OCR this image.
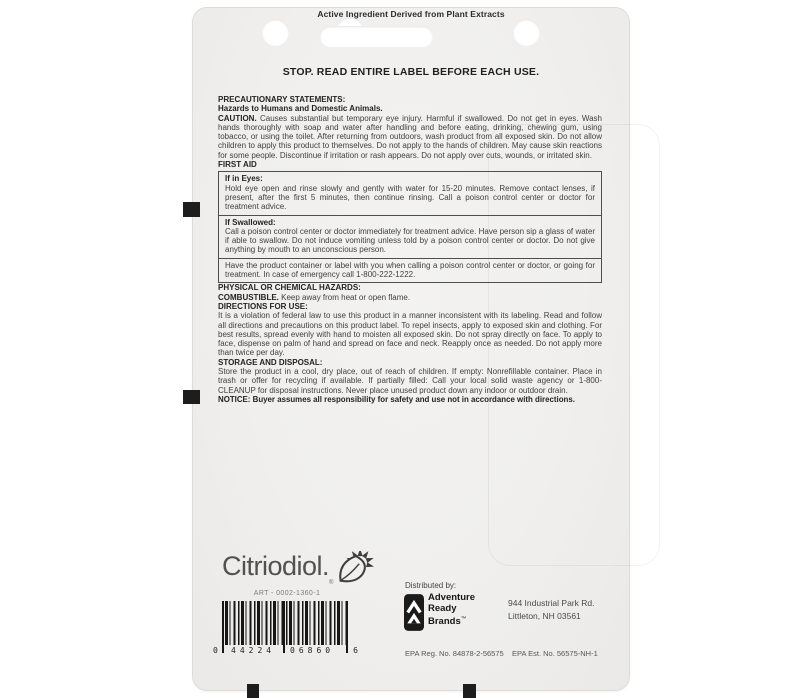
Active Ingredient Derived from Plant Extracts
STOP. READ ENTIRE LABEL BEFORE EACH USE.

PRECAUTIONARY STATEMENTS:

Hazards to Humans and Domestic Animals.

CAUTION. Causes substantial but temporary eye injury. Harmful if swallowed. Do not get in eyes. Wash hands thoroughly with soap and water after handling and before eating, drinking, chewing gum, using tobacco, or using the toilet. After returning from outdoors, wash product from all exposed skin. Do not allow children to apply this product to themselves. Do not apply to the hands of children. May cause skin reactions for some people. Discontinue if irritation or rash appears. Do not apply over cuts, wounds, or irritated skin.

FIRST AID

If in Eyes:

Hold eye open and rinse slowly and gently with water for 15-20 minutes. Remove contact lenses, if present, after the first 5 minutes, then continue rinsing. Call a poison control center or doctor for treatment advice.

If Swallowed:

Call a poison control center or doctor immediately for treatment advice. Have person sip a glass of water if able to swallow. Do not induce vomiting unless told by a poison control center or doctor. Do not give anything by mouth to an unconscious person.

Have the product container or label with you when calling a poison control center or doctor, or going for treatment. In case of emergency call 1-800-222-1222.

PHYSICAL OR CHEMICAL HAZARDS:

COMBUSTIBLE. Keep away from heat or open flame.

DIRECTIONS FOR USE:

It is a violation of federal law to use this product in a manner inconsistent with its labeling. Read and follow all directions and precautions on this product label. To repel insects, apply to exposed skin and clothing. For best results, spread evenly with hand to moisten all exposed skin. Do not spray directly on face. To apply to face, dispense on palm of hand and spread on face and neck. Reapply once as needed. Do not apply more than twice per day.

STORAGE AND DISPOSAL:

Store the product in a cool, dry place, out of reach of children. If empty: Nonrefillable container. Place in trash or offer for recycling if available. If partially filled: Call your local solid waste agency or 1-800-CLEANUP for disposal instructions. Never place unused product down any indoor or outdoor drain.

NOTICE: Buyer assumes all responsibility for safety and use not in accordance with directions.

Citriodiol.
®
ART - 0002-1360-1
0 44224 06860 6
Distributed by:
Adventure
Ready
Brands™
944 Industrial Park Rd.
Littleton, NH 03561
EPA Reg. No. 84878-2-56575 EPA Est. No. 56575-NH-1
